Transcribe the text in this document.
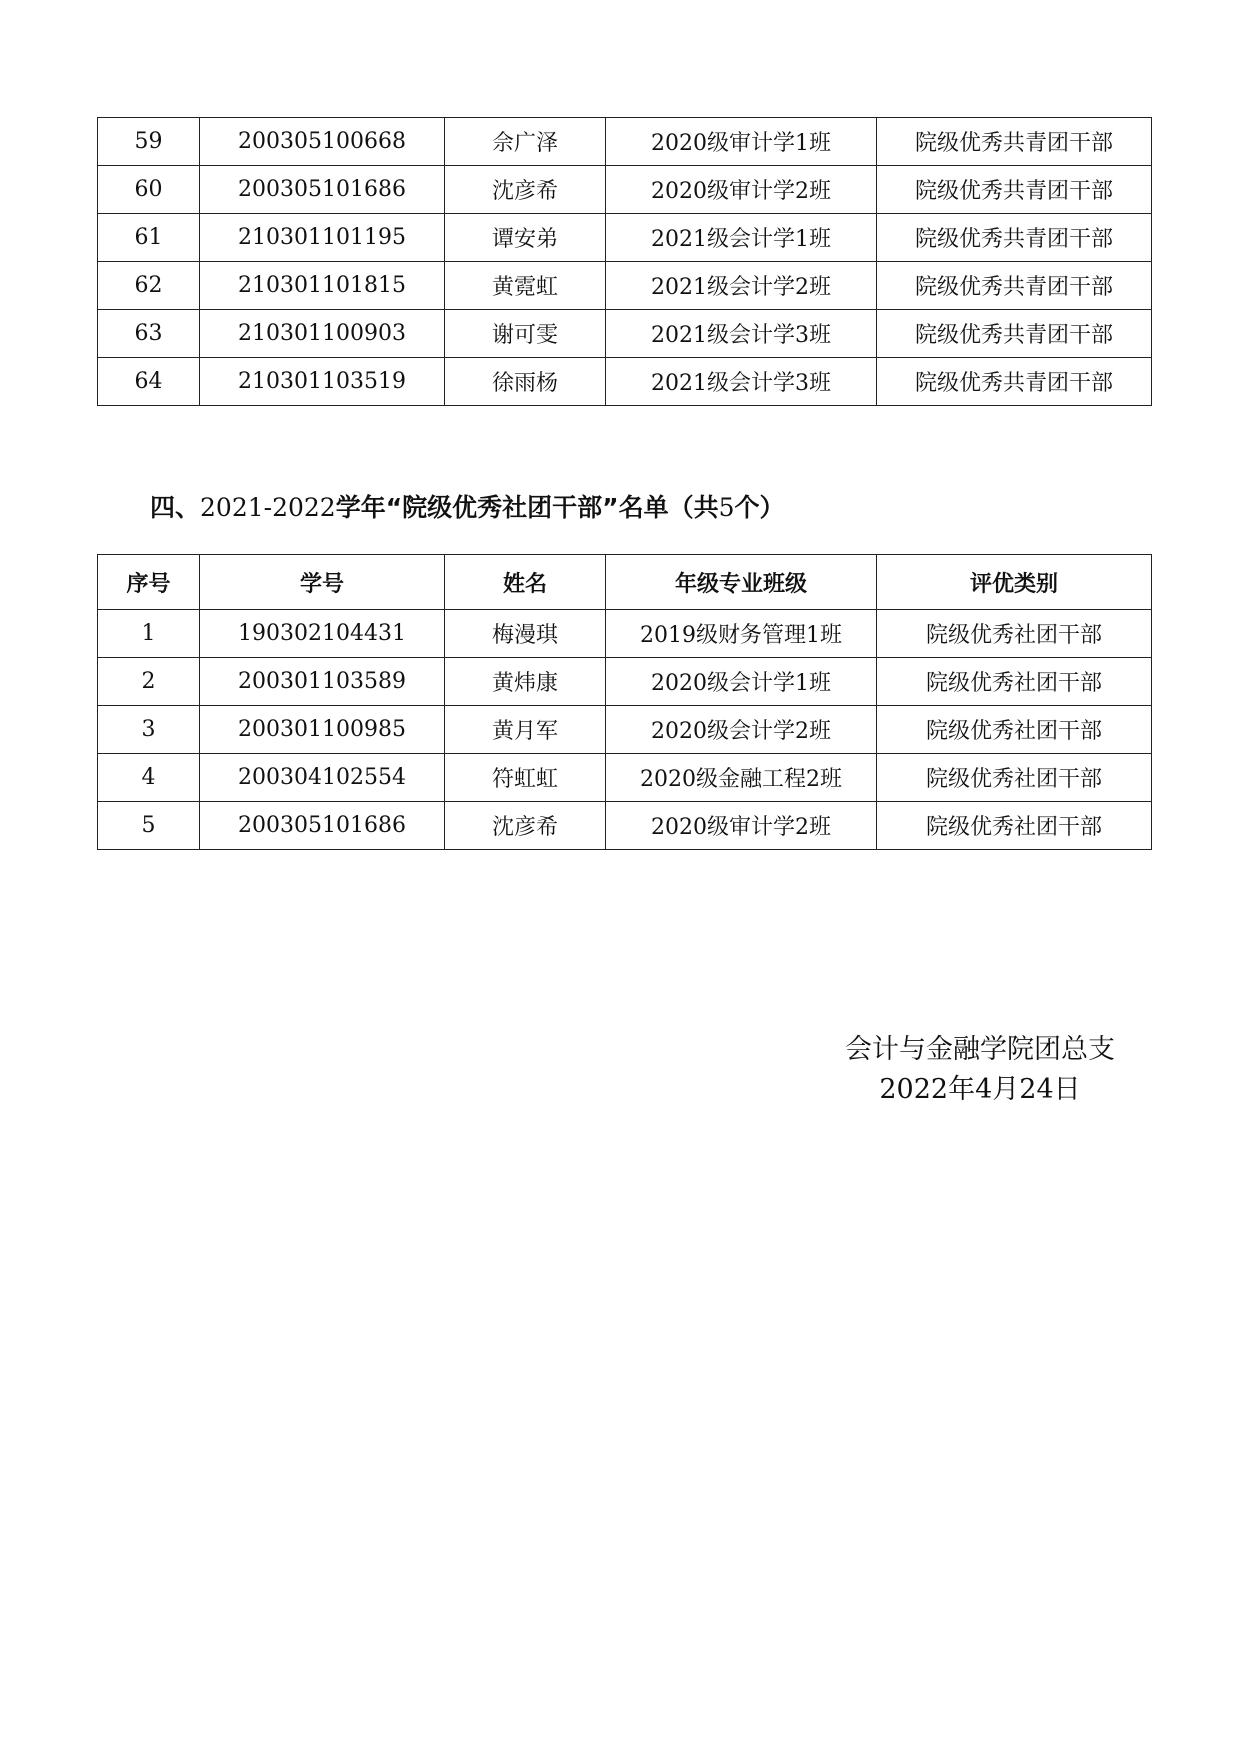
59	200305100668	佘广泽	2020级审计学1班	院级优秀共青团干部
60	200305101686	沈彦希	2020级审计学2班	院级优秀共青团干部
61	210301101195	谭安弟	2021级会计学1班	院级优秀共青团干部
62	210301101815	黄霓虹	2021级会计学2班	院级优秀共青团干部
63	210301100903	谢可雯	2021级会计学3班	院级优秀共青团干部
64	210301103519	徐雨杨	2021级会计学3班	院级优秀共青团干部
四、2021-2022学年“院级优秀社团干部”名单（共5个）
序号	学号	姓名	年级专业班级	评优类别
1	190302104431	梅漫琪	2019级财务管理1班	院级优秀社团干部
2	200301103589	黄炜康	2020级会计学1班	院级优秀社团干部
3	200301100985	黄月军	2020级会计学2班	院级优秀社团干部
4	200304102554	符虹虹	2020级金融工程2班	院级优秀社团干部
5	200305101686	沈彦希	2020级审计学2班	院级优秀社团干部
会计与金融学院团总支
2022年4月24日
